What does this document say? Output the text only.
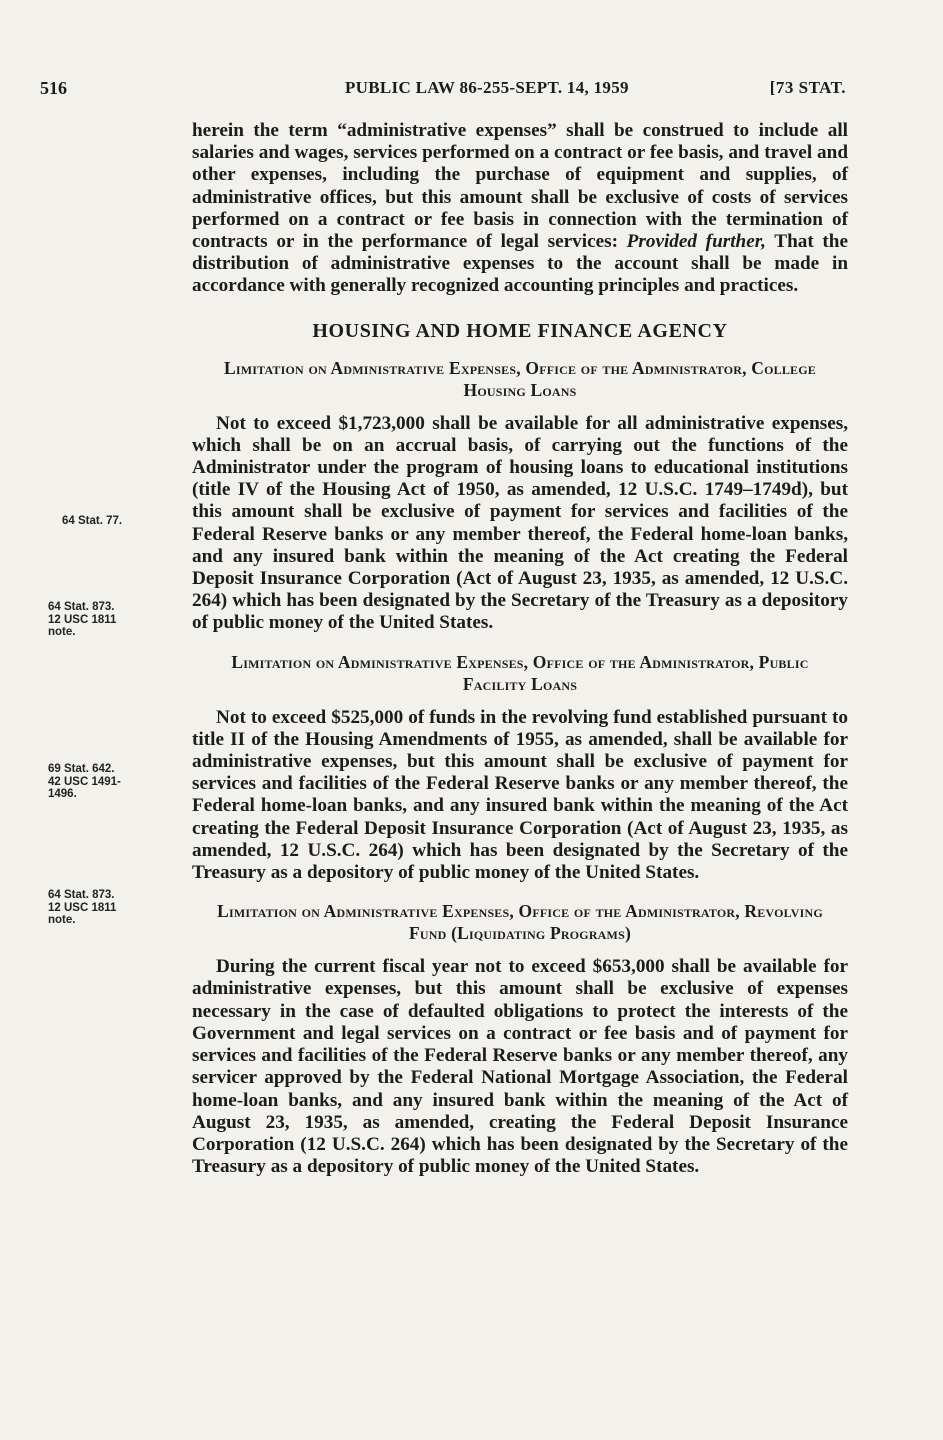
516	PUBLIC LAW 86-255-SEPT. 14, 1959	[73 STAT.
64 Stat. 77.
64 Stat. 873.
12 USC 1811
note.
69 Stat. 642.
42 USC 1491-
1496.
64 Stat. 873.
12 USC 1811
note.

herein the term “administrative expenses” shall be construed to include all salaries and wages, services performed on a contract or fee basis, and travel and other expenses, including the purchase of equipment and supplies, of administrative offices, but this amount shall be exclusive of costs of services performed on a contract or fee basis in connection with the termination of contracts or in the performance of legal services: Provided further, That the distribution of administrative expenses to the account shall be made in accordance with generally recognized accounting principles and practices.

HOUSING AND HOME FINANCE AGENCY
Limitation on Administrative Expenses, Office of the Administrator, College Housing Loans

Not to exceed $1,723,000 shall be available for all administrative expenses, which shall be on an accrual basis, of carrying out the functions of the Administrator under the program of housing loans to educational institutions (title IV of the Housing Act of 1950, as amended, 12 U.S.C. 1749–1749d), but this amount shall be exclusive of payment for services and facilities of the Federal Reserve banks or any member thereof, the Federal home-loan banks, and any insured bank within the meaning of the Act creating the Federal Deposit Insurance Corporation (Act of August 23, 1935, as amended, 12 U.S.C. 264) which has been designated by the Secretary of the Treasury as a depository of public money of the United States.

Limitation on Administrative Expenses, Office of the Administrator, Public Facility Loans

Not to exceed $525,000 of funds in the revolving fund established pursuant to title II of the Housing Amendments of 1955, as amended, shall be available for administrative expenses, but this amount shall be exclusive of payment for services and facilities of the Federal Reserve banks or any member thereof, the Federal home-loan banks, and any insured bank within the meaning of the Act creating the Federal Deposit Insurance Corporation (Act of August 23, 1935, as amended, 12 U.S.C. 264) which has been designated by the Secretary of the Treasury as a depository of public money of the United States.

Limitation on Administrative Expenses, Office of the Administrator, Revolving Fund (Liquidating Programs)

During the current fiscal year not to exceed $653,000 shall be available for administrative expenses, but this amount shall be exclusive of expenses necessary in the case of defaulted obligations to protect the interests of the Government and legal services on a contract or fee basis and of payment for services and facilities of the Federal Reserve banks or any member thereof, any servicer approved by the Federal National Mortgage Association, the Federal home-loan banks, and any insured bank within the meaning of the Act of August 23, 1935, as amended, creating the Federal Deposit Insurance Corporation (12 U.S.C. 264) which has been designated by the Secretary of the Treasury as a depository of public money of the United States.
